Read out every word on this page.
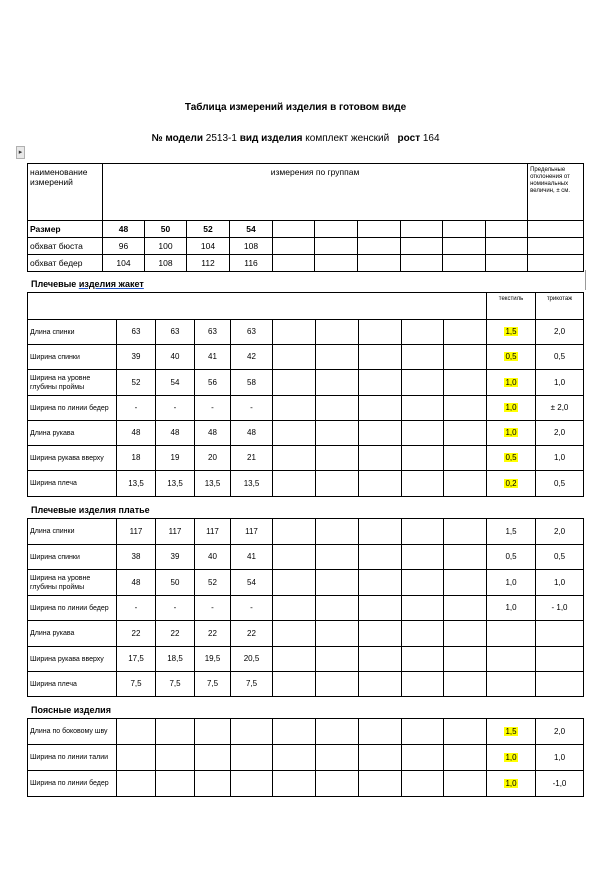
Таблица измерений изделия в готовом виде
№ модели 2513-1 вид изделия комплект женский рост 164
▸
наименование измерений	измерения по группам										Предельные отклонения от номинальных величин, ± см.
Размер	48	50	52	54							
обхват бюста	96	100	104	108							
обхват бедер	104	108	112	116							
Плечевые изделия жакет
										текстиль	трикотаж
Длина спинки	63	63	63	63						1,5	2,0
Ширина спинки	39	40	41	42						0,5	0,5
Ширина на уровне глубины проймы	52	54	56	58						1,0	1,0
Ширина по линии бедер	-	-	-	-						1,0	± 2,0
Длина рукава	48	48	48	48						1,0	2,0
Ширина рукава вверху	18	19	20	21						0,5	1,0
Ширина плеча	13,5	13,5	13,5	13,5						0,2	0,5
Плечевые изделия платье
Длина спинки	117	117	117	117						1,5	2,0
Ширина спинки	38	39	40	41						0,5	0,5
Ширина на уровне глубины проймы	48	50	52	54						1,0	1,0
Ширина по линии бедер	-	-	-	-						1,0	- 1,0
Длина рукава	22	22	22	22							
Ширина рукава вверху	17,5	18,5	19,5	20,5							
Ширина плеча	7,5	7,5	7,5	7,5							
Поясные изделия
Длина по боковому шву										1,5	2,0
Ширина по линии талии										1,0	1,0
Ширина по линии бедер										1,0	-1,0
